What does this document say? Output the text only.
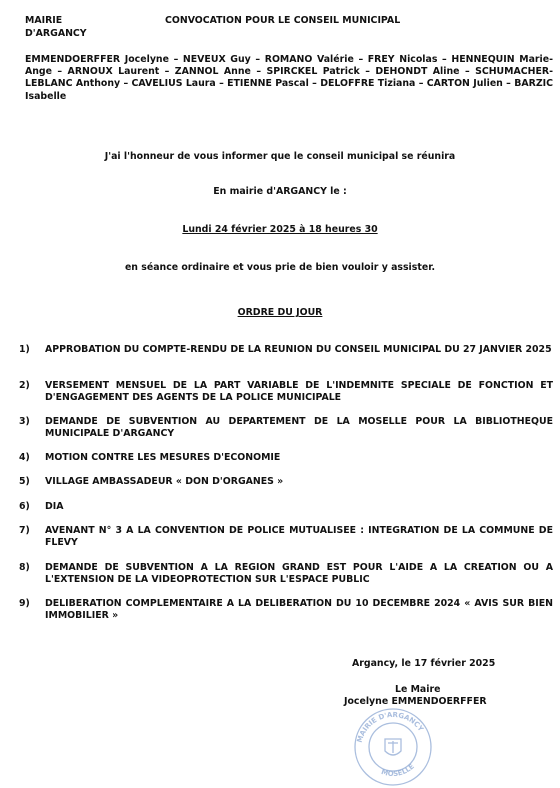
MAIRIE
D'ARGANCY
CONVOCATION POUR LE CONSEIL MUNICIPAL
EMMENDOERFFER Jocelyne – NEVEUX Guy – ROMANO Valérie – FREY Nicolas – HENNEQUIN Marie-Ange – ARNOUX Laurent – ZANNOL Anne – SPIRCKEL Patrick – DEHONDT Aline – SCHUMACHER-LEBLANC Anthony – CAVELIUS Laura – ETIENNE Pascal – DELOFFRE Tiziana – CARTON Julien – BARZIC Isabelle
J'ai l'honneur de vous informer que le conseil municipal se réunira
En mairie d'ARGANCY le :
Lundi 24 février 2025 à 18 heures 30
en séance ordinaire et vous prie de bien vouloir y assister.
ORDRE DU JOUR
1) APPROBATION DU COMPTE-RENDU DE LA REUNION DU CONSEIL MUNICIPAL DU 27 JANVIER 2025
2) VERSEMENT MENSUEL DE LA PART VARIABLE DE L'INDEMNITE SPECIALE DE FONCTION ET D'ENGAGEMENT DES AGENTS DE LA POLICE MUNICIPALE
3) DEMANDE DE SUBVENTION AU DEPARTEMENT DE LA MOSELLE POUR LA BIBLIOTHEQUE MUNICIPALE D'ARGANCY
4) MOTION CONTRE LES MESURES D'ECONOMIE
5) VILLAGE AMBASSADEUR « DON D'ORGANES »
6) DIA
7) AVENANT N° 3 A LA CONVENTION DE POLICE MUTUALISEE : INTEGRATION DE LA COMMUNE DE FLEVY
8) DEMANDE DE SUBVENTION A LA REGION GRAND EST POUR L'AIDE A LA CREATION OU A L'EXTENSION DE LA VIDEOPROTECTION SUR L'ESPACE PUBLIC
9) DELIBERATION COMPLEMENTAIRE A LA DELIBERATION DU 10 DECEMBRE 2024 « AVIS SUR BIEN IMMOBILIER »
Argancy, le 17 février 2025
MAIRIE D'ARGANCY
MOSELLE
Le Maire
Jocelyne EMMENDOERFFER
